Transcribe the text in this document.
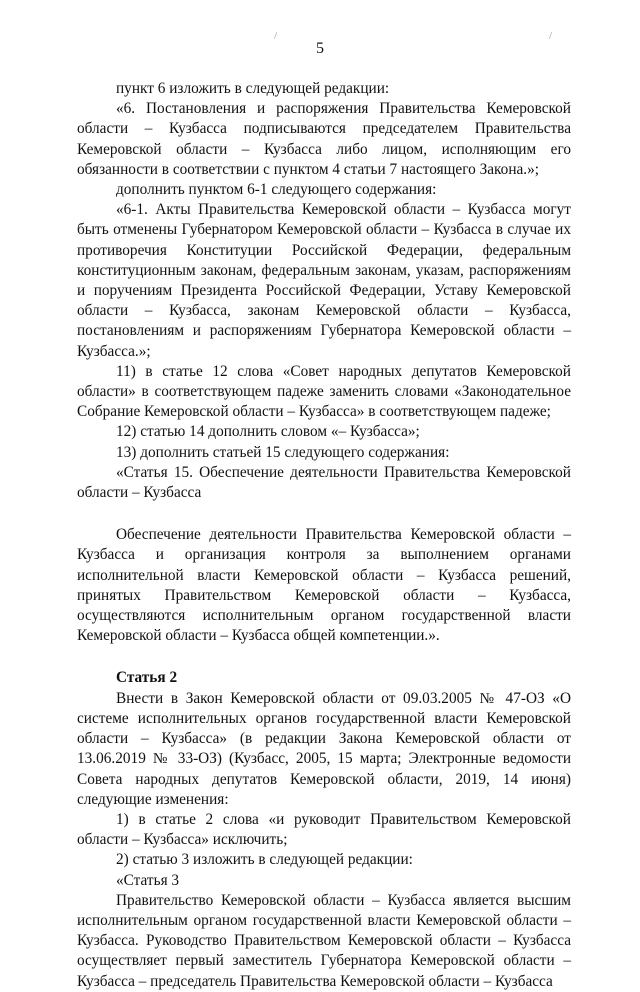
/	/
5

пункт 6 изложить в следующей редакции:

«6. Постановления и распоряжения Правительства Кемеровской области – Кузбасса подписываются председателем Правительства Кемеровской области – Кузбасса либо лицом, исполняющим его обязанности в соответствии с пунктом 4 статьи 7 настоящего Закона.»;

дополнить пунктом 6-1 следующего содержания:

«6-1. Акты Правительства Кемеровской области – Кузбасса могут быть отменены Губернатором Кемеровской области – Кузбасса в случае их противоречия Конституции Российской Федерации, федеральным конституционным законам, федеральным законам, указам, распоряжениям и поручениям Президента Российской Федерации, Уставу Кемеровской области – Кузбасса, законам Кемеровской области – Кузбасса, постановлениям и распоряжениям Губернатора Кемеровской области – Кузбасса.»;

11) в статье 12 слова «Совет народных депутатов Кемеровской области» в соответствующем падеже заменить словами «Законодательное Собрание Кемеровской области – Кузбасса» в соответствующем падеже;

12) статью 14 дополнить словом «– Кузбасса»;

13) дополнить статьей 15 следующего содержания:

«Статья 15. Обеспечение деятельности Правительства Кемеровской области – Кузбасса

Обеспечение деятельности Правительства Кемеровской области – Кузбасса и организация контроля за выполнением органами исполнительной власти Кемеровской области – Кузбасса решений, принятых Правительством Кемеровской области – Кузбасса, осуществляются исполнительным органом государственной власти Кемеровской области – Кузбасса общей компетенции.».

Статья 2

Внести в Закон Кемеровской области от 09.03.2005 № 47-ОЗ «О системе исполнительных органов государственной власти Кемеровской области – Кузбасса» (в редакции Закона Кемеровской области от 13.06.2019 № 33-ОЗ) (Кузбасс, 2005, 15 марта; Электронные ведомости Совета народных депутатов Кемеровской области, 2019, 14 июня) следующие изменения:

1) в статье 2 слова «и руководит Правительством Кемеровской области – Кузбасса» исключить;

2) статью 3 изложить в следующей редакции:

«Статья 3

Правительство Кемеровской области – Кузбасса является высшим исполнительным органом государственной власти Кемеровской области – Кузбасса. Руководство Правительством Кемеровской области – Кузбасса осуществляет первый заместитель Губернатора Кемеровской области – Кузбасса – председатель Правительства Кемеровской области – Кузбасса
